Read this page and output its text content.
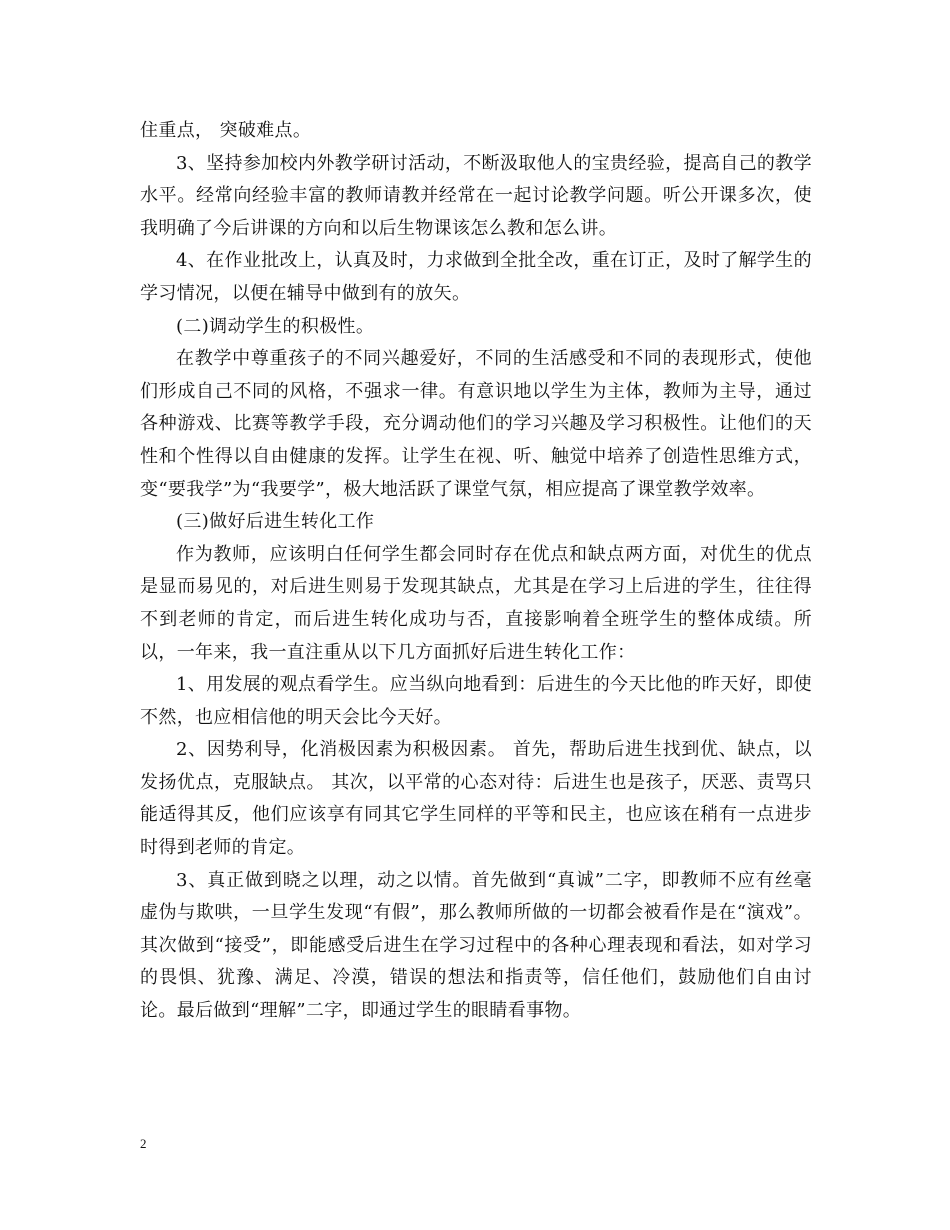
住重点， 突破难点。

3、坚持参加校内外教学研讨活动，不断汲取他人的宝贵经验，提高自己的教学水平。经常向经验丰富的教师请教并经常在一起讨论教学问题。听公开课多次，使我明确了今后讲课的方向和以后生物课该怎么教和怎么讲。

4、在作业批改上，认真及时，力求做到全批全改，重在订正，及时了解学生的学习情况，以便在辅导中做到有的放矢。

(二)调动学生的积极性。

在教学中尊重孩子的不同兴趣爱好，不同的生活感受和不同的表现形式，使他们形成自己不同的风格，不强求一律。有意识地以学生为主体，教师为主导，通过各种游戏、比赛等教学手段，充分调动他们的学习兴趣及学习积极性。让他们的天性和个性得以自由健康的发挥。让学生在视、听、触觉中培养了创造性思维方式，变“要我学”为“我要学”，极大地活跃了课堂气氛，相应提高了课堂教学效率。

(三)做好后进生转化工作

作为教师，应该明白任何学生都会同时存在优点和缺点两方面，对优生的优点是显而易见的，对后进生则易于发现其缺点，尤其是在学习上后进的学生，往往得不到老师的肯定，而后进生转化成功与否，直接影响着全班学生的整体成绩。所以，一年来，我一直注重从以下几方面抓好后进生转化工作：

1、用发展的观点看学生。应当纵向地看到：后进生的今天比他的昨天好，即使不然，也应相信他的明天会比今天好。

2、因势利导，化消极因素为积极因素。 首先，帮助后进生找到优、缺点，以发扬优点，克服缺点。 其次，以平常的心态对待：后进生也是孩子，厌恶、责骂只能适得其反，他们应该享有同其它学生同样的平等和民主，也应该在稍有一点进步时得到老师的肯定。

3、真正做到晓之以理，动之以情。首先做到“真诚”二字，即教师不应有丝毫虚伪与欺哄，一旦学生发现“有假”，那么教师所做的一切都会被看作是在“演戏”。其次做到“接受”，即能感受后进生在学习过程中的各种心理表现和看法，如对学习的畏惧、犹豫、满足、冷漠，错误的想法和指责等，信任他们，鼓励他们自由讨论。最后做到“理解”二字，即通过学生的眼睛看事物。

2
